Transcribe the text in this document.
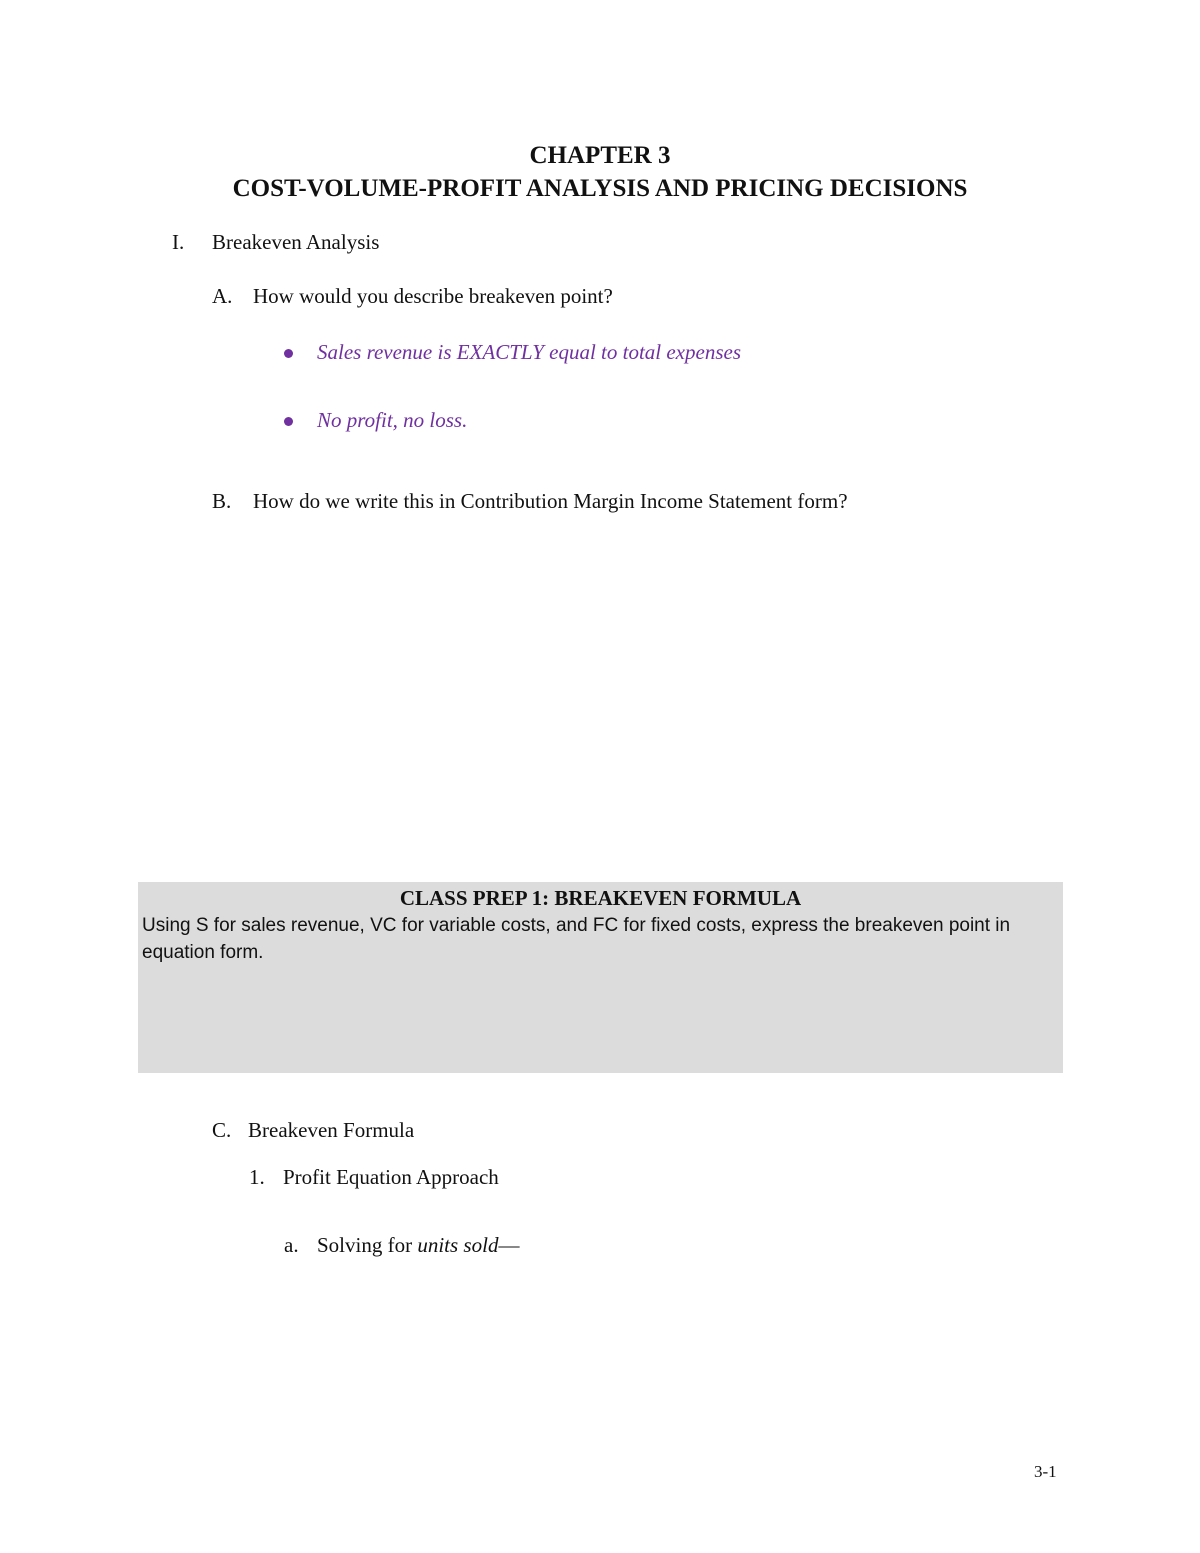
CHAPTER 3
COST-VOLUME-PROFIT ANALYSIS AND PRICING DECISIONS
I. Breakeven Analysis
A. How would you describe breakeven point?
Sales revenue is EXACTLY equal to total expenses
No profit, no loss.
B. How do we write this in Contribution Margin Income Statement form?
CLASS PREP 1: BREAKEVEN FORMULA
Using S for sales revenue, VC for variable costs, and FC for fixed costs, express the breakeven point in equation form.
C. Breakeven Formula
1. Profit Equation Approach
a. Solving for units sold—
3-1
